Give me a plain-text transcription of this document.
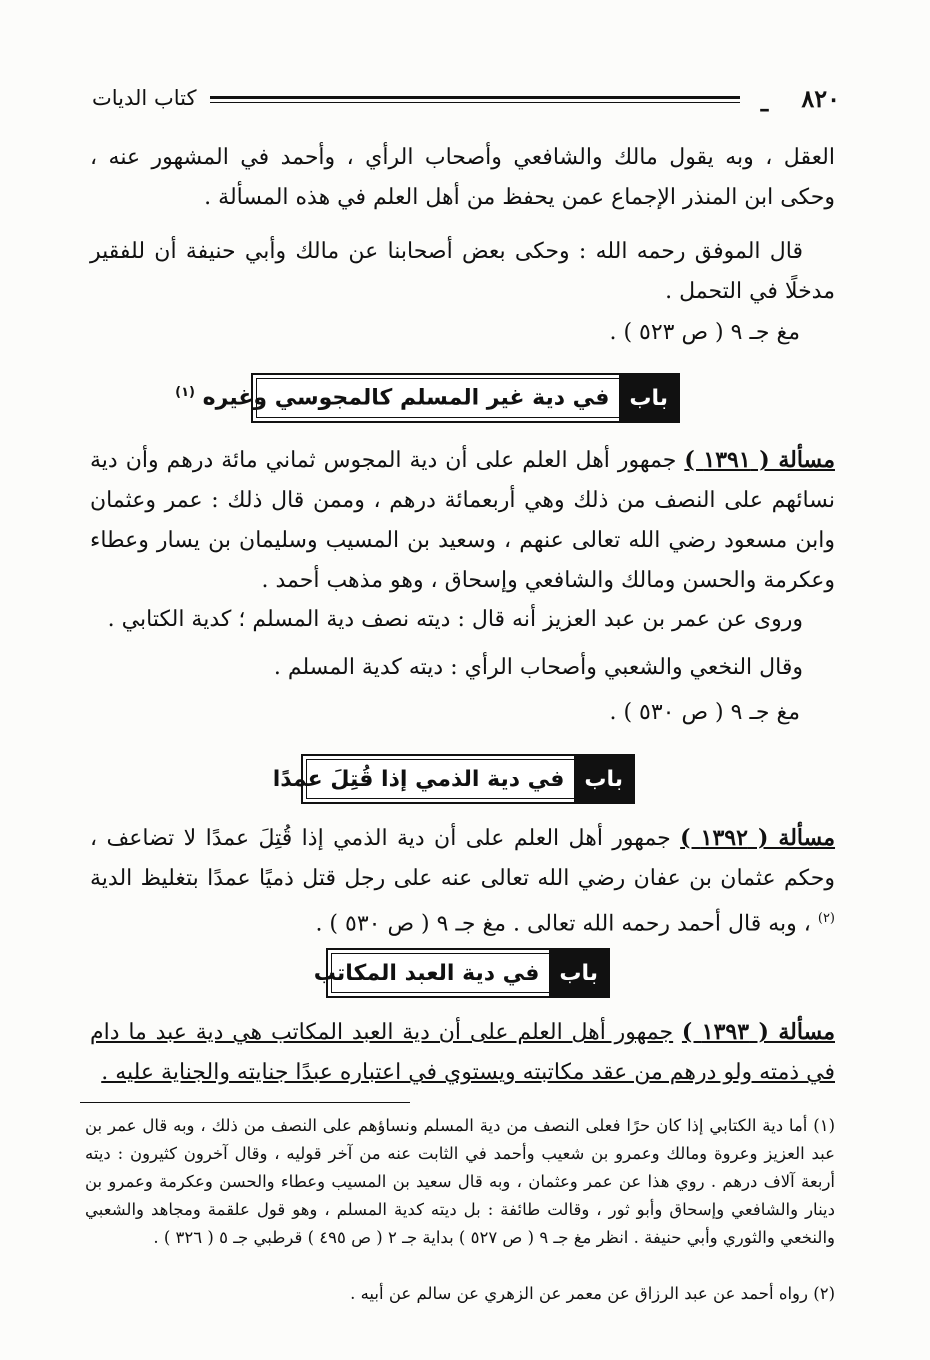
٨٢٠
–
كتاب الديات
العقل ، وبه يقول مالك والشافعي وأصحاب الرأي ، وأحمد في المشهور عنه ، وحكى ابن المنذر الإجماع عمن يحفظ من أهل العلم في هذه المسألة .
قال الموفق رحمه الله : وحكى بعض أصحابنا عن مالك وأبي حنيفة أن للفقير مدخلًا في التحمل .
مغ جـ ٩ ( ص ٥٢٣ ) .
باب
في دية غير المسلم كالمجوسي وغيره $^{(١)}$
مسألة ( ١٣٩١ ) جمهور أهل العلم على أن دية المجوس ثماني مائة درهم وأن دية نسائهم على النصف من ذلك وهي أربعمائة درهم ، وممن قال ذلك : عمر وعثمان وابن مسعود رضي الله تعالى عنهم ، وسعيد بن المسيب وسليمان بن يسار وعطاء وعكرمة والحسن ومالك والشافعي وإسحاق ، وهو مذهب أحمد .
وروى عن عمر بن عبد العزيز أنه قال : ديته نصف دية المسلم ؛ كدية الكتابي .
وقال النخعي والشعبي وأصحاب الرأي : ديته كدية المسلم .
مغ جـ ٩ ( ص ٥٣٠ ) .
باب
في دية الذمي إذا قُتِلَ عمدًا
مسألة ( ١٣٩٢ ) جمهور أهل العلم على أن دية الذمي إذا قُتِلَ عمدًا لا تضاعف ، وحكم عثمان بن عفان رضي الله تعالى عنه على رجل قتل ذميًا عمدًا بتغليظ الدية $^{(٢)}$ ، وبه قال أحمد رحمه الله تعالى . مغ جـ ٩ ( ص ٥٣٠ ) .
باب
في دية العبد المكاتب
مسألة ( ١٣٩٣ ) جمهور أهل العلم على أن دية العبد المكاتب هي دية عبد ما دام في ذمته ولو درهم من عقد مكاتبته ويستوي في اعتباره عبدًا جنايته والجناية عليه .
(١) أما دية الكتابي إذا كان حرًا فعلى النصف من دية المسلم ونساؤهم على النصف من ذلك ، وبه قال عمر بن عبد العزيز وعروة ومالك وعمرو بن شعيب وأحمد في الثابت عنه من آخر قوليه ، وقال آخرون كثيرون : ديته أربعة آلاف درهم . روي هذا عن عمر وعثمان ، وبه قال سعيد بن المسيب وعطاء والحسن وعكرمة وعمرو بن دينار والشافعي وإسحاق وأبو ثور ، وقالت طائفة : بل ديته كدية المسلم ، وهو قول علقمة ومجاهد والشعبي والنخعي والثوري وأبي حنيفة . انظر مغ جـ ٩ ( ص ٥٢٧ ) بداية جـ ٢ ( ص ٤٩٥ ) قرطبي جـ ٥ ( ٣٢٦ ) .
(٢) رواه أحمد عن عبد الرزاق عن معمر عن الزهري عن سالم عن أبيه .
